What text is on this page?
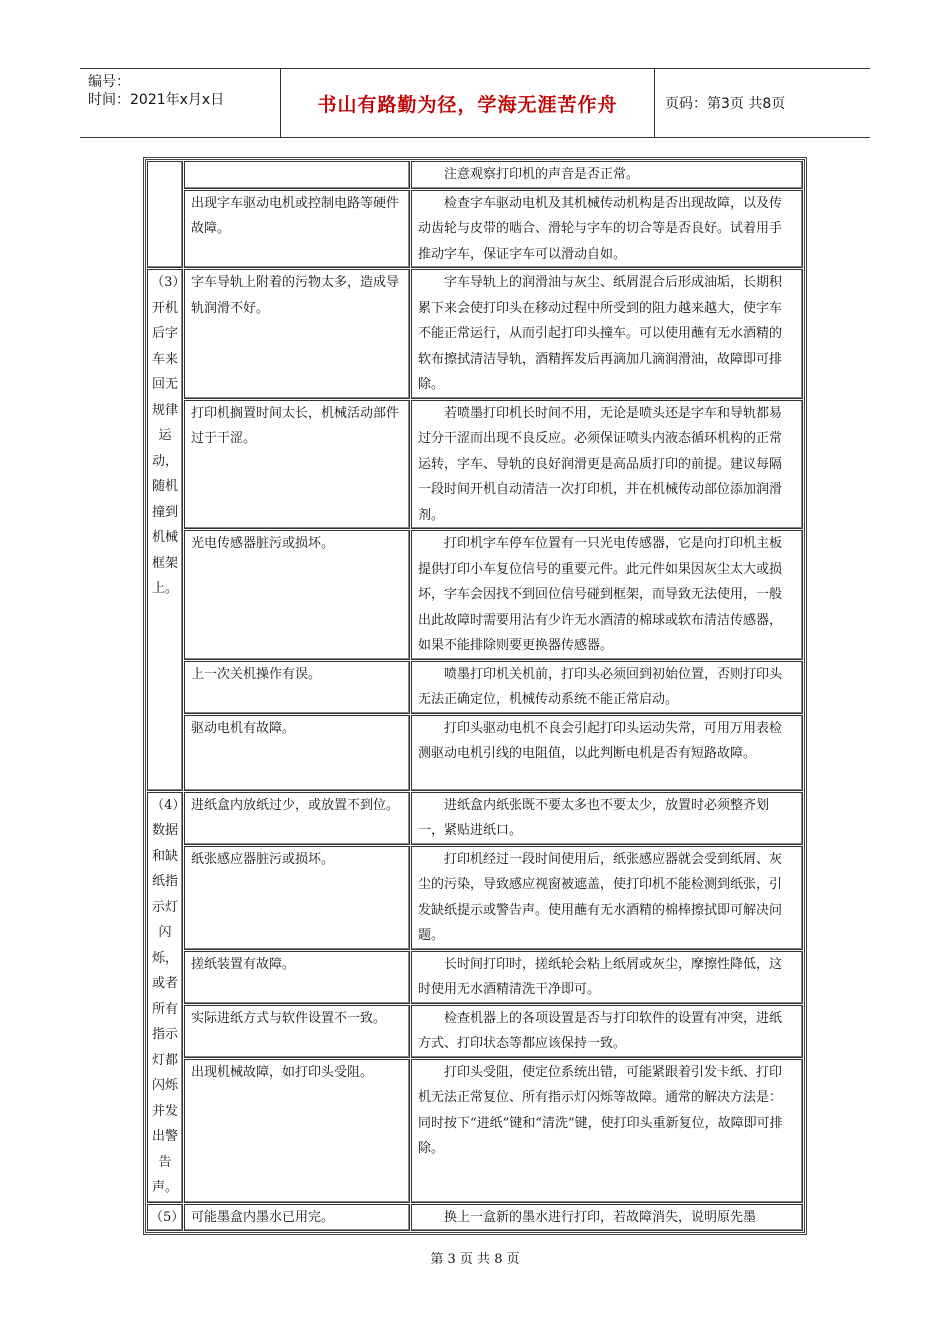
编号：
时间：2021年x月x日	书山有路勤为径，学海无涯苦作舟	页码：第3页 共8页
		注意观察打印机的声音是否正常。
	出现字车驱动电机或控制电路等硬件故障。	检查字车驱动电机及其机械传动机构是否出现故障，以及传动齿轮与皮带的啮合、滑轮与字车的切合等是否良好。试着用手推动字车，保证字车可以滑动自如。
（3）开机后字车来回无规律运动，随机撞到机械框架上。	字车导轨上附着的污物太多，造成导轨润滑不好。	字车导轨上的润滑油与灰尘、纸屑混合后形成油垢，长期积累下来会使打印头在移动过程中所受到的阻力越来越大，使字车不能正常运行，从而引起打印头撞车。可以使用蘸有无水酒精的软布擦拭清洁导轨，酒精挥发后再滴加几滴润滑油，故障即可排除。
	打印机搁置时间太长，机械活动部件过于干涩。	若喷墨打印机长时间不用，无论是喷头还是字车和导轨都易过分干涩而出现不良反应。必须保证喷头内液态循环机构的正常运转，字车、导轨的良好润滑更是高品质打印的前提。建议每隔一段时间开机自动清洁一次打印机，并在机械传动部位添加润滑剂。
	光电传感器脏污或损坏。	打印机字车停车位置有一只光电传感器，它是向打印机主板提供打印小车复位信号的重要元件。此元件如果因灰尘太大或损坏，字车会因找不到回位信号碰到框架，而导致无法使用，一般出此故障时需要用沾有少许无水酒清的棉球或软布清洁传感器，如果不能排除则要更换器传感器。
	上一次关机操作有误。	喷墨打印机关机前，打印头必须回到初始位置，否则打印头无法正确定位，机械传动系统不能正常启动。
	驱动电机有故障。	打印头驱动电机不良会引起打印头运动失常，可用万用表检测驱动电机引线的电阻值，以此判断电机是否有短路故障。
（4）数据和缺纸指示灯闪烁，或者所有指示灯都闪烁并发出警告声。	进纸盒内放纸过少，或放置不到位。	进纸盒内纸张既不要太多也不要太少，放置时必须整齐划一，紧贴进纸口。
	纸张感应器脏污或损坏。	打印机经过一段时间使用后，纸张感应器就会受到纸屑、灰尘的污染，导致感应视窗被遮盖，使打印机不能检测到纸张，引发缺纸提示或警告声。使用蘸有无水酒精的棉棒擦拭即可解决问题。
	搓纸装置有故障。	长时间打印时，搓纸轮会粘上纸屑或灰尘，摩擦性降低，这时使用无水酒精清洗干净即可。
	实际进纸方式与软件设置不一致。	检查机器上的各项设置是否与打印软件的设置有冲突，进纸方式、打印状态等都应该保持一致。
	出现机械故障，如打印头受阻。	打印头受阻，使定位系统出错，可能紧跟着引发卡纸、打印机无法正常复位、所有指示灯闪烁等故障。通常的解决方法是：同时按下“进纸”键和“清洗”键，使打印头重新复位，故障即可排除。
（5）	可能墨盒内墨水已用完。	换上一盒新的墨水进行打印，若故障消失，说明原先墨
第 3 页 共 8 页
